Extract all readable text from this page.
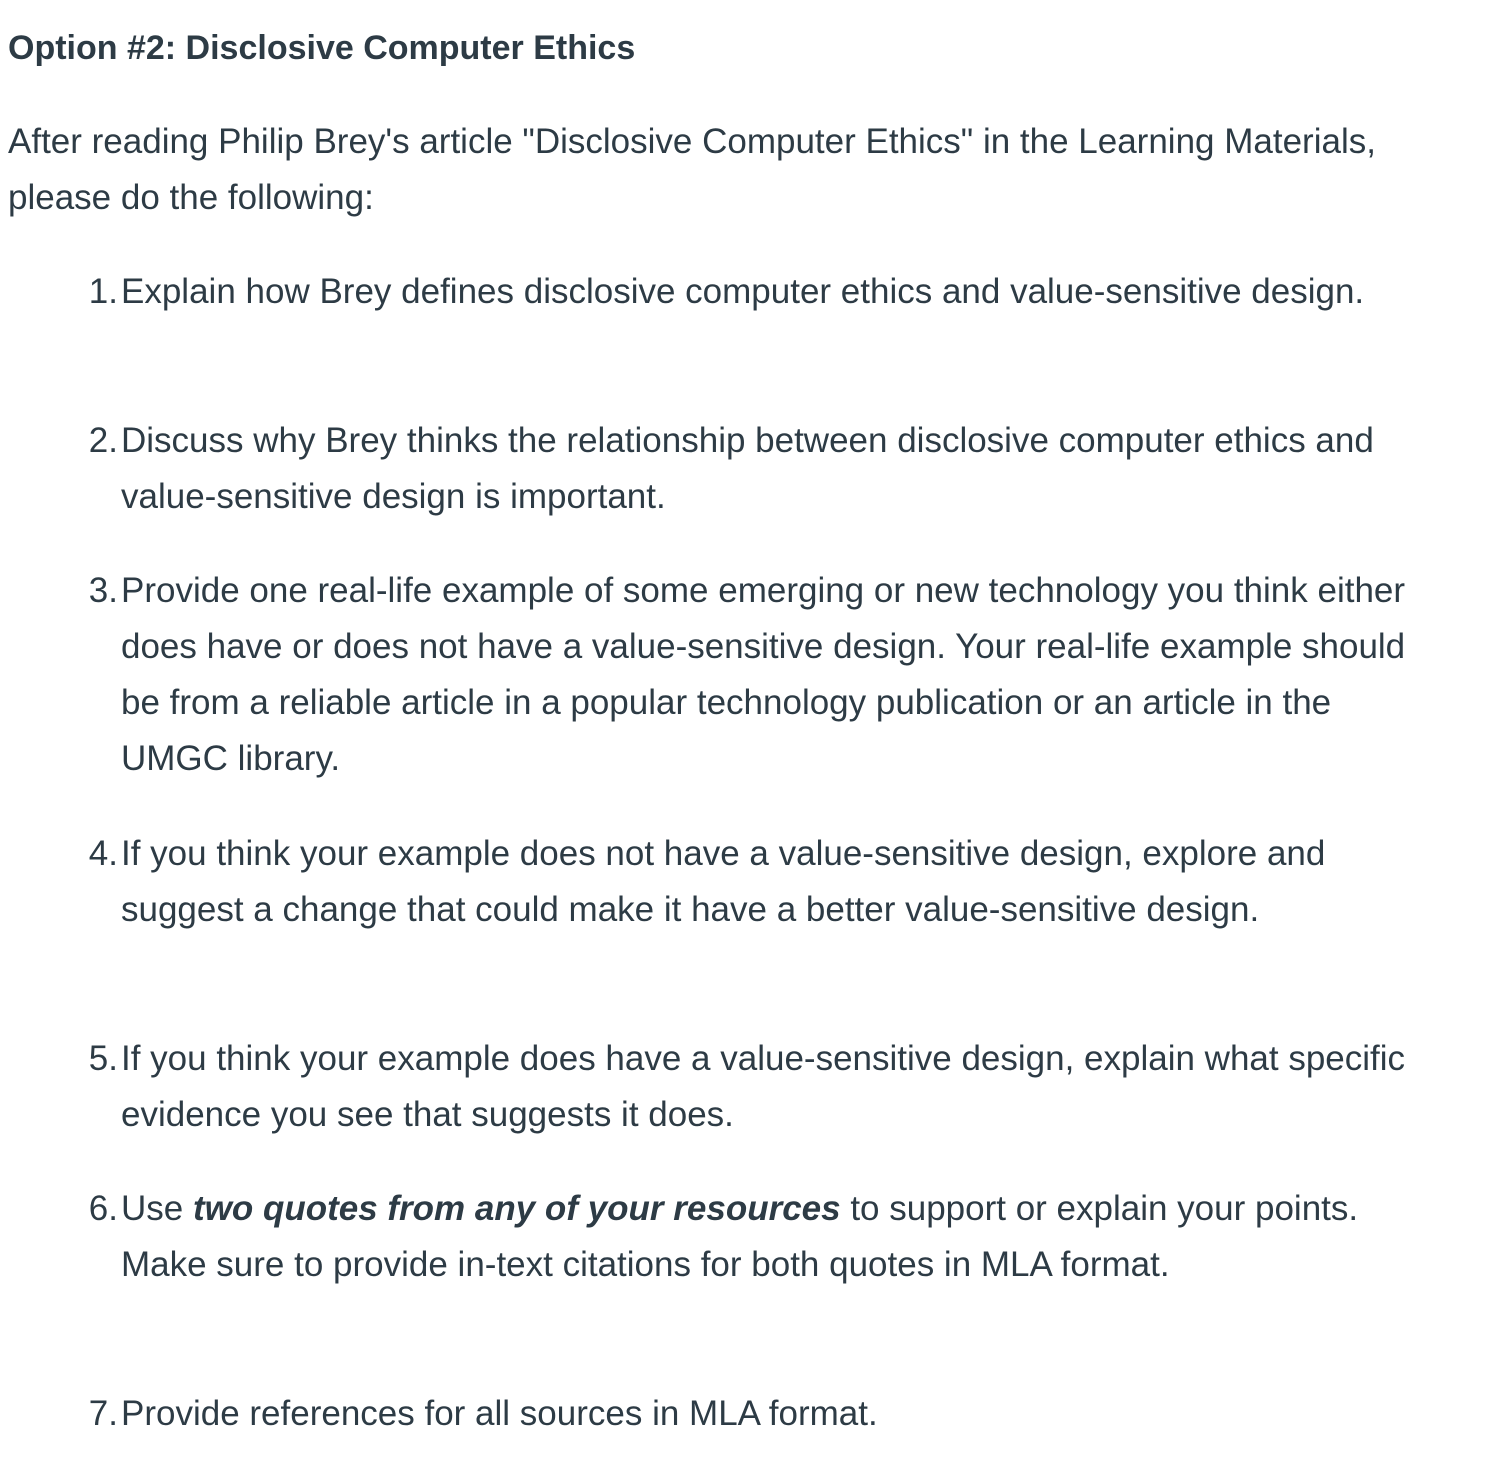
Option #2: Disclosive Computer Ethics

After reading Philip Brey's article "Disclosive Computer Ethics" in the Learning Materials, please do the following:

1. Explain how Brey defines disclosive computer ethics and value-sensitive design.
2. Discuss why Brey thinks the relationship between disclosive computer ethics and value-sensitive design is important.
3. Provide one real-life example of some emerging or new technology you think either does have or does not have a value-sensitive design. Your real-life example should be from a reliable article in a popular technology publication or an article in the UMGC library.
4. If you think your example does not have a value-sensitive design, explore and suggest a change that could make it have a better value-sensitive design.
5. If you think your example does have a value-sensitive design, explain what specific evidence you see that suggests it does.
6. Use two quotes from any of your resources to support or explain your points. Make sure to provide in-text citations for both quotes in MLA format.
7. Provide references for all sources in MLA format.
